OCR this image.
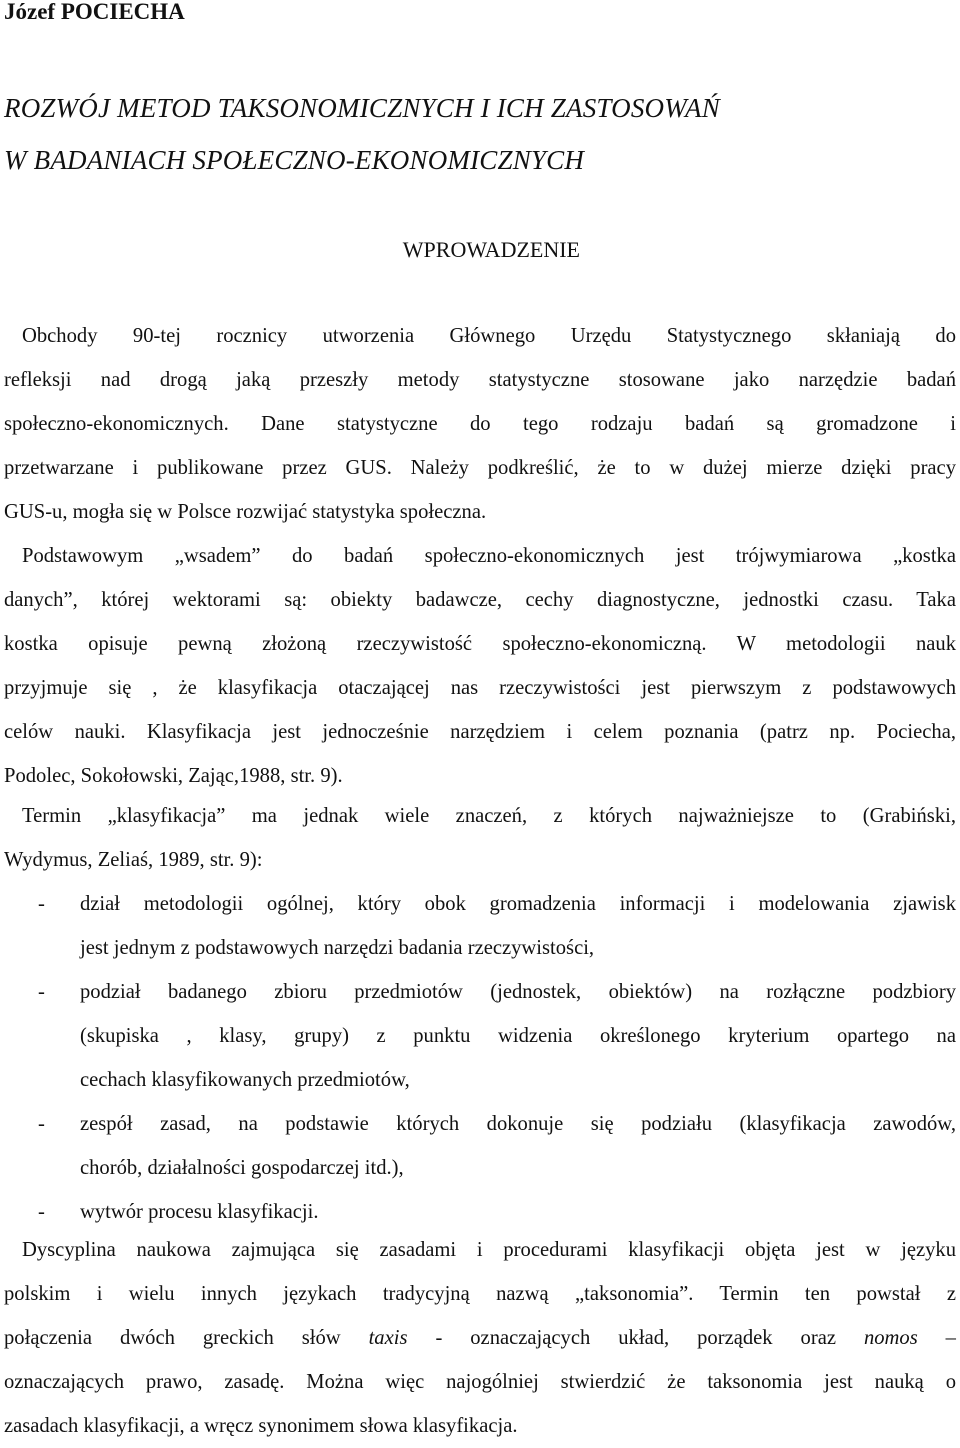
Józef POCIECHA
ROZWÓJ METOD TAKSONOMICZNYCH I ICH ZASTOSOWAŃ
W BADANIACH SPOŁECZNO-EKONOMICZNYCH
WPROWADZENIE
Obchody 90-tej rocznicy utworzenia Głównego Urzędu Statystycznego skłaniają do
refleksji nad drogą jaką przeszły metody statystyczne stosowane jako narzędzie badań
społeczno-ekonomicznych. Dane statystyczne do tego rodzaju badań są gromadzone i
przetwarzane i publikowane przez GUS. Należy podkreślić, że to w dużej mierze dzięki pracy
GUS-u, mogła się w Polsce rozwijać statystyka społeczna.
Podstawowym „wsadem” do badań społeczno-ekonomicznych jest trójwymiarowa „kostka
danych”, której wektorami są: obiekty badawcze, cechy diagnostyczne, jednostki czasu. Taka
kostka opisuje pewną złożoną rzeczywistość społeczno-ekonomiczną. W metodologii nauk
przyjmuje się , że klasyfikacja otaczającej nas rzeczywistości jest pierwszym z podstawowych
celów nauki. Klasyfikacja jest jednocześnie narzędziem i celem poznania (patrz np. Pociecha,
Podolec, Sokołowski, Zając,1988, str. 9).
Termin „klasyfikacja” ma jednak wiele znaczeń, z których najważniejsze to (Grabiński,
Wydymus, Zeliaś, 1989, str. 9):
-	dział metodologii ogólnej, który obok gromadzenia informacji i modelowania zjawisk
jest jednym z podstawowych narzędzi badania rzeczywistości,
-	podział badanego zbioru przedmiotów (jednostek, obiektów) na rozłączne podzbiory
(skupiska , klasy, grupy) z punktu widzenia określonego kryterium opartego na
cechach klasyfikowanych przedmiotów,
-	zespół zasad, na podstawie których dokonuje się podziału (klasyfikacja zawodów,
chorób, działalności gospodarczej itd.),
-	wytwór procesu klasyfikacji.
Dyscyplina naukowa zajmująca się zasadami i procedurami klasyfikacji objęta jest w języku
polskim i wielu innych językach tradycyjną nazwą „taksonomia”. Termin ten powstał z
połączenia dwóch greckich słów taxis - oznaczających układ, porządek oraz nomos –
oznaczających prawo, zasadę. Można więc najogólniej stwierdzić że taksonomia jest nauką o
zasadach klasyfikacji, a wręcz synonimem słowa klasyfikacja.
